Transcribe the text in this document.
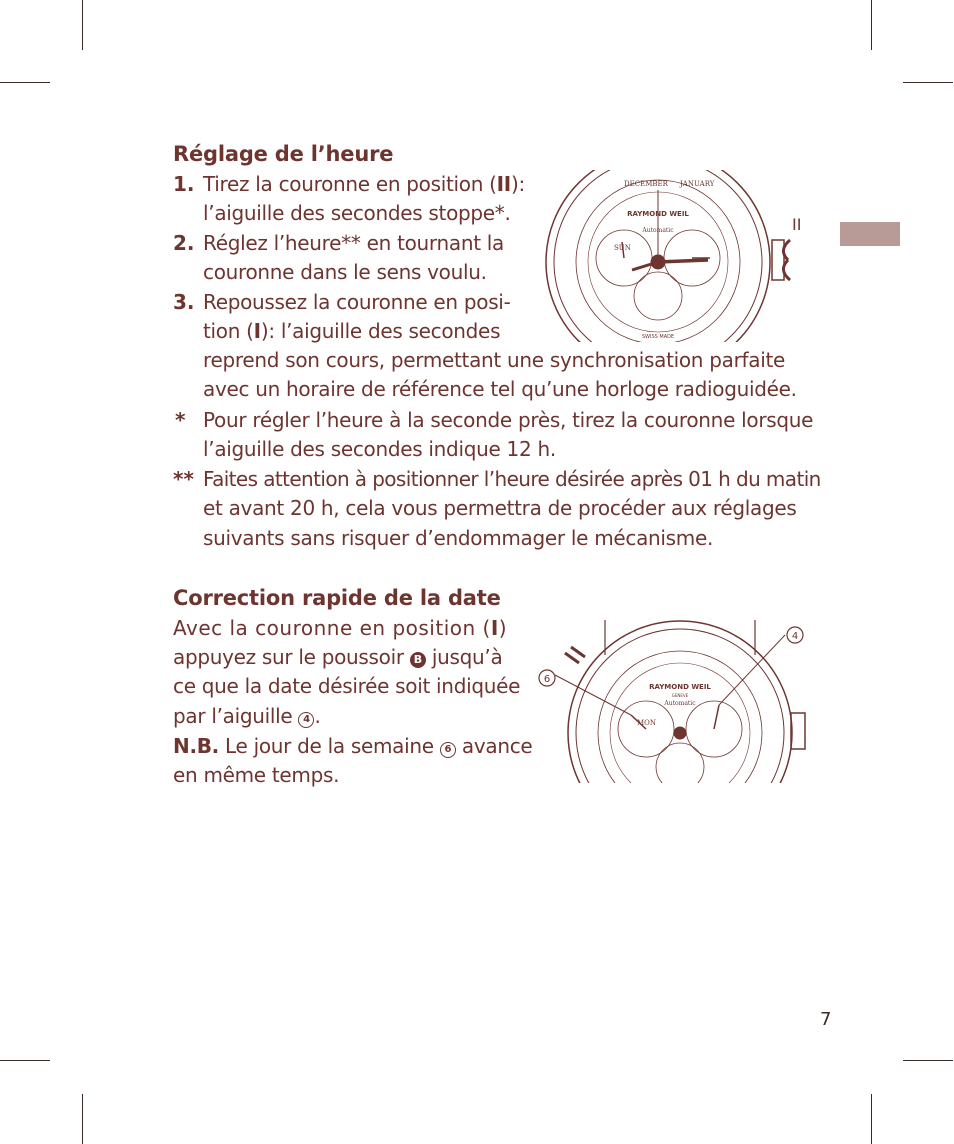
Réglage de l’heure
1. Tirez la couronne en position (II):
l’aiguille des secondes stoppe*.
2. Réglez l’heure** en tournant la
couronne dans le sens voulu.
3. Repoussez la couronne en posi-
tion (I): l’aiguille des secondes
reprend son cours, permettant une synchronisation parfaite
avec un horaire de référence tel qu’une horloge radioguidée.
* Pour régler l’heure à la seconde près, tirez la couronne lorsque
l’aiguille des secondes indique 12 h.
** Faites attention à positionner l’heure désirée après 01 h du matin
et avant 20 h, cela vous permettra de procéder aux réglages
suivants sans risquer d’endommager le mécanisme.
II
RAYMOND WEIL
Automatic
JANUARY
DECEMBER
SUN
SWISS MADE
Correction rapide de la date
Avec la couronne en position (I)
appuyez sur le poussoir B jusqu’à
ce que la date désirée soit indiquée
par l’aiguille 4 .
N.B. Le jour de la semaine 6 avance
en même temps.
4
6
RAYMOND WEIL
GENEVE
Automatic
MON
7
